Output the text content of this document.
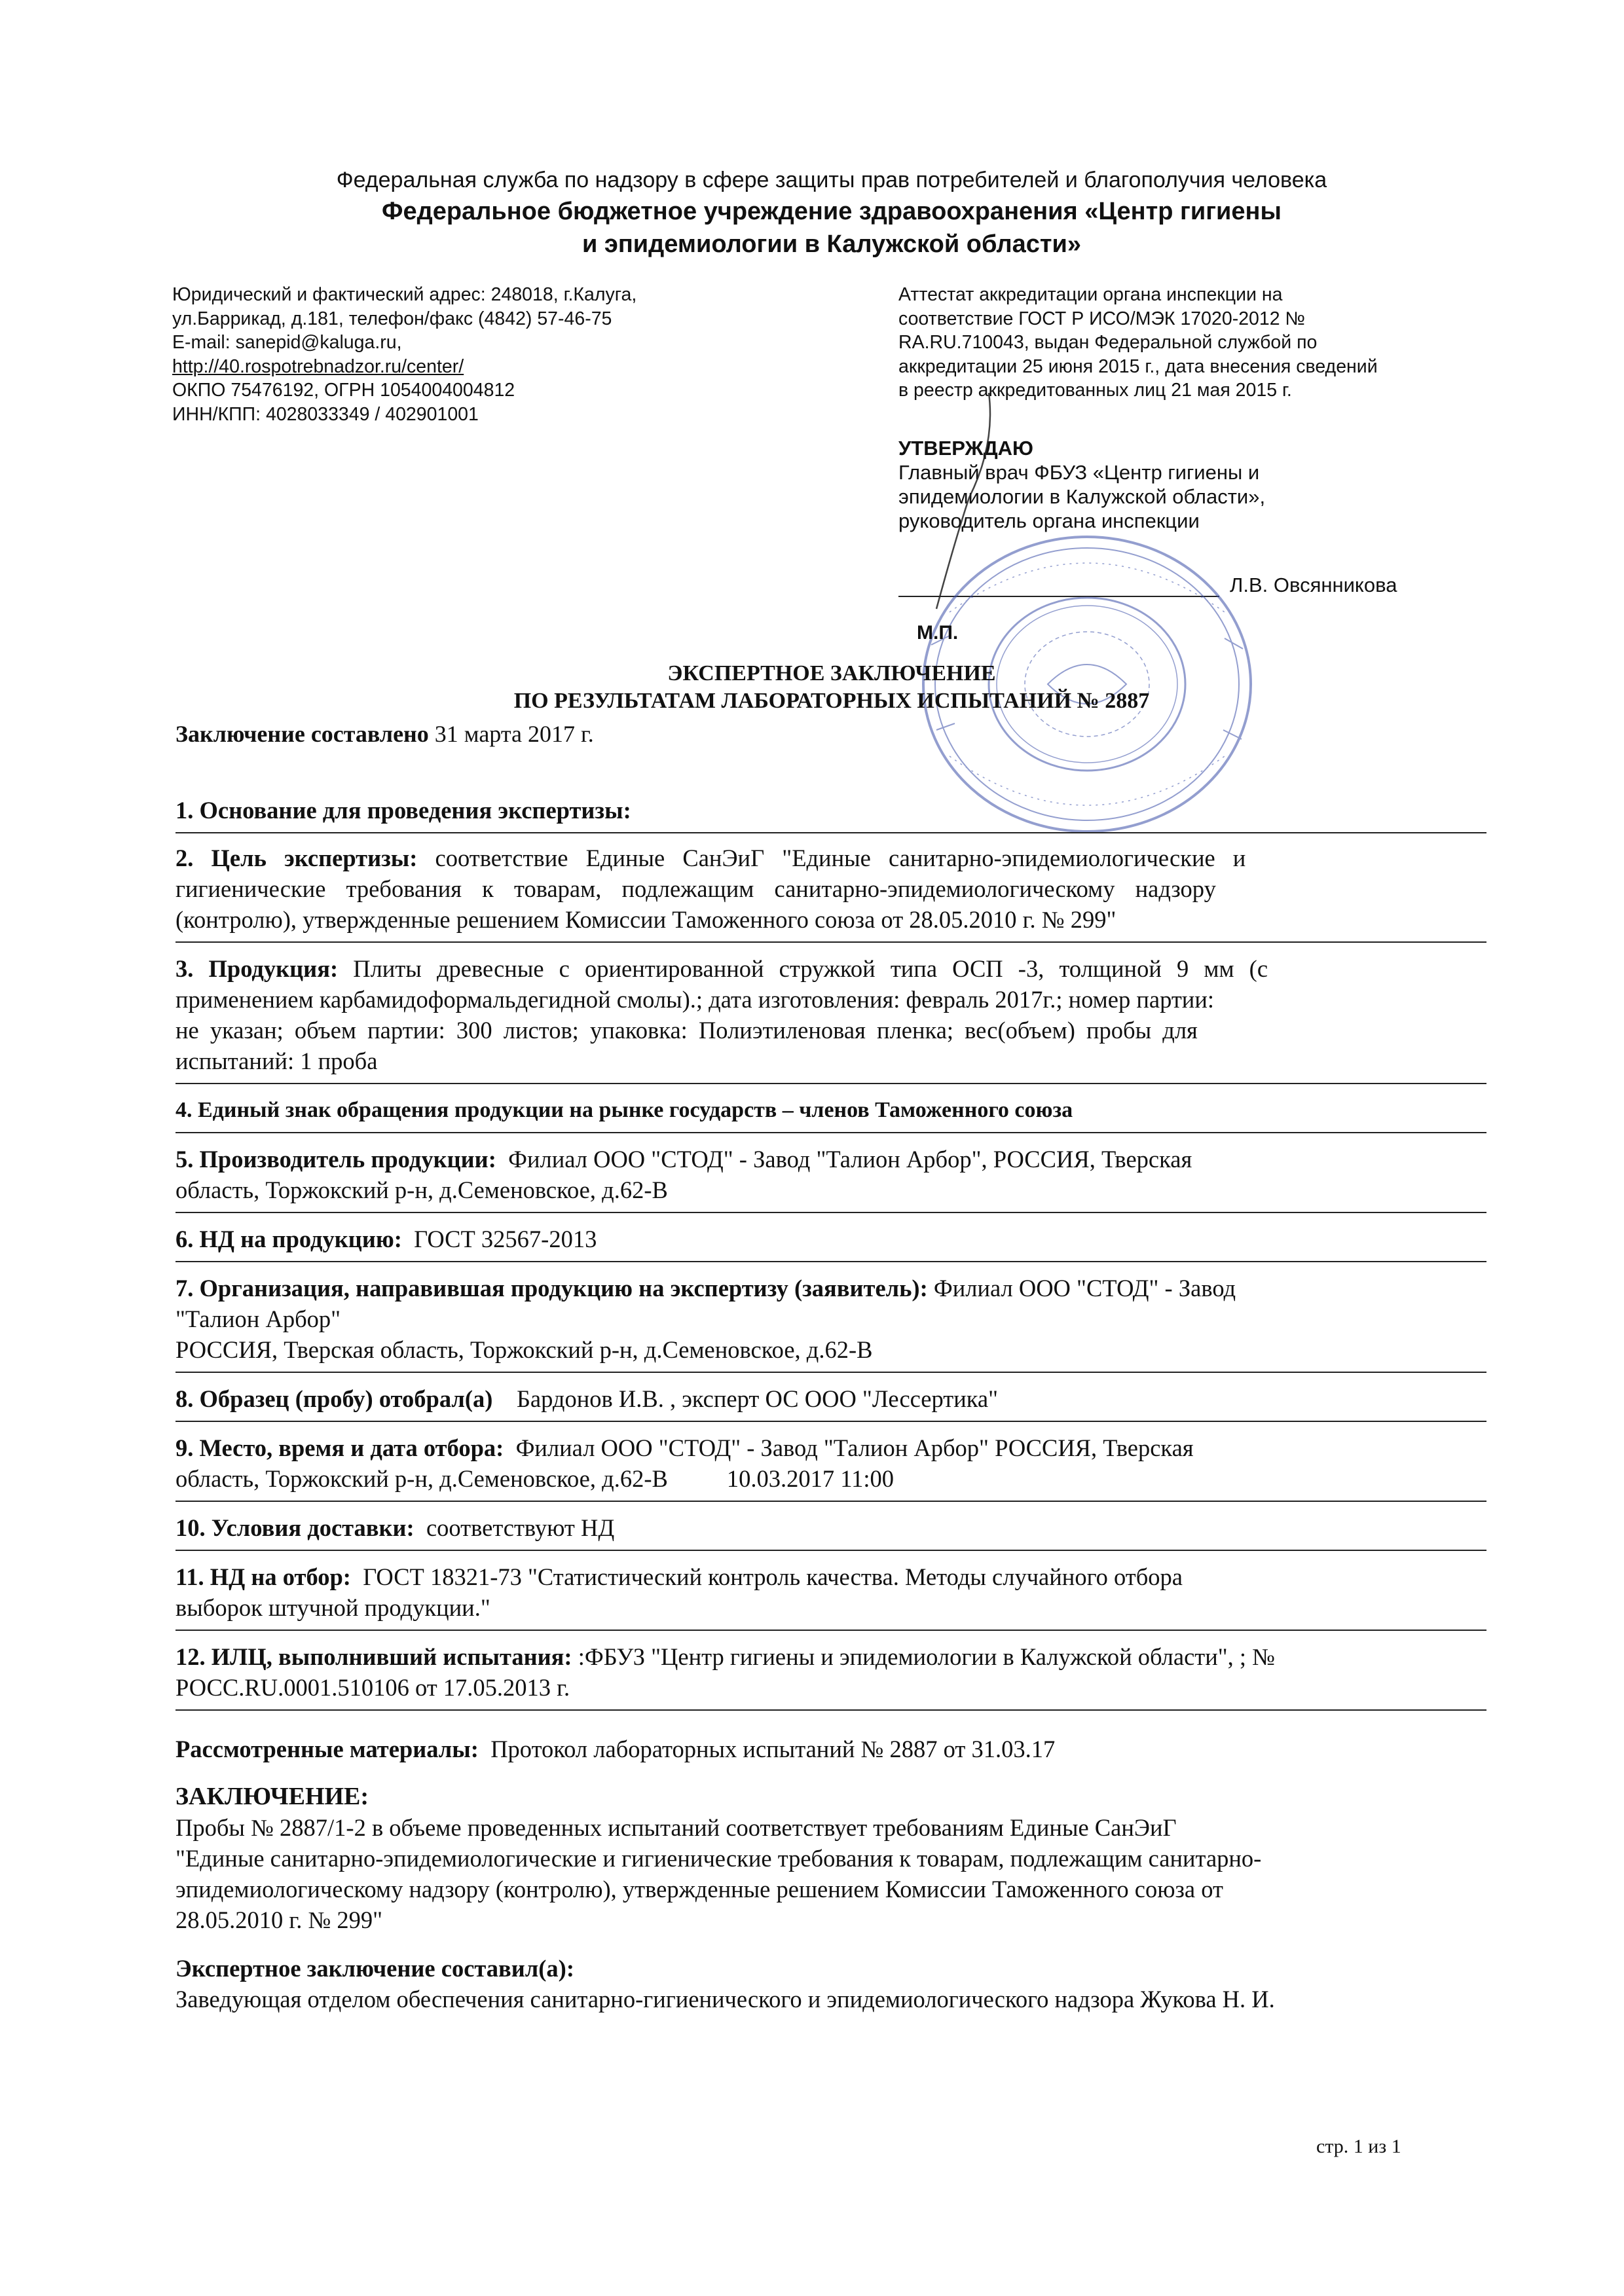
Федеральная служба по надзору в сфере защиты прав потребителей и благополучия человека
Федеральное бюджетное учреждение здравоохранения «Центр гигиены
и эпидемиологии в Калужской области»
Юридический и фактический адрес: 248018, г.Калуга,
ул.Баррикад, д.181, телефон/факс (4842) 57-46-75
E-mail: sanepid@kaluga.ru,
http://40.rospotrebnadzor.ru/center/
ОКПО 75476192, ОГРН 1054004004812
ИНН/КПП: 4028033349 / 402901001
Аттестат аккредитации органа инспекции на
соответствие ГОСТ Р ИСО/МЭК 17020-2012 №
RA.RU.710043, выдан Федеральной службой по
аккредитации 25 июня 2015 г., дата внесения сведений
в реестр аккредитованных лиц 21 мая 2015 г.
УТВЕРЖДАЮ
Главный врач ФБУЗ «Центр гигиены и
эпидемиологии в Калужской области»,
руководитель органа инспекции
Л.В. Овсянникова
М.П.
ЭКСПЕРТНОЕ ЗАКЛЮЧЕНИЕ
ПО РЕЗУЛЬТАТАМ ЛАБОРАТОРНЫХ ИСПЫТАНИЙ № 2887
Заключение составлено 31 марта 2017 г.
1. Основание для проведения экспертизы:
2. Цель экспертизы: соответствие Единые СанЭиГ "Единые санитарно-эпидемиологические и
гигиенические требования к товарам, подлежащим санитарно-эпидемиологическому надзору
(контролю), утвержденные решением Комиссии Таможенного союза от 28.05.2010 г. № 299"
3. Продукция: Плиты древесные с ориентированной стружкой типа ОСП -3, толщиной 9 мм (с
применением карбамидоформальдегидной смолы).; дата изготовления: февраль 2017г.; номер партии:
не указан; объем партии: 300 листов; упаковка: Полиэтиленовая пленка; вес(объем) пробы для
испытаний: 1 проба
4. Единый знак обращения продукции на рынке государств – членов Таможенного союза
5. Производитель продукции: Филиал ООО "СТОД" - Завод "Талион Арбор", РОССИЯ, Тверская
область, Торжокский р-н, д.Семеновское, д.62-В
6. НД на продукцию: ГОСТ 32567-2013
7. Организация, направившая продукцию на экспертизу (заявитель): Филиал ООО "СТОД" - Завод
"Талион Арбор"
РОССИЯ, Тверская область, Торжокский р-н, д.Семеновское, д.62-В
8. Образец (пробу) отобрал(а) Бардонов И.В. , эксперт ОС ООО "Лессертика"
9. Место, время и дата отбора: Филиал ООО "СТОД" - Завод "Талион Арбор" РОССИЯ, Тверская
область, Торжокский р-н, д.Семеновское, д.62-В 10.03.2017 11:00
10. Условия доставки: соответствуют НД
11. НД на отбор: ГОСТ 18321-73 "Статистический контроль качества. Методы случайного отбора
выборок штучной продукции."
12. ИЛЦ, выполнивший испытания: :ФБУЗ "Центр гигиены и эпидемиологии в Калужской области", ; №
РОСС.RU.0001.510106 от 17.05.2013 г.
Рассмотренные материалы: Протокол лабораторных испытаний № 2887 от 31.03.17
ЗАКЛЮЧЕНИЕ:
Пробы № 2887/1-2 в объеме проведенных испытаний соответствует требованиям Единые СанЭиГ
"Единые санитарно-эпидемиологические и гигиенические требования к товарам, подлежащим санитарно-
эпидемиологическому надзору (контролю), утвержденные решением Комиссии Таможенного союза от
28.05.2010 г. № 299"
Экспертное заключение составил(а):
Заведующая отделом обеспечения санитарно-гигиенического и эпидемиологического надзора Жукова Н. И.
стр. 1 из 1
